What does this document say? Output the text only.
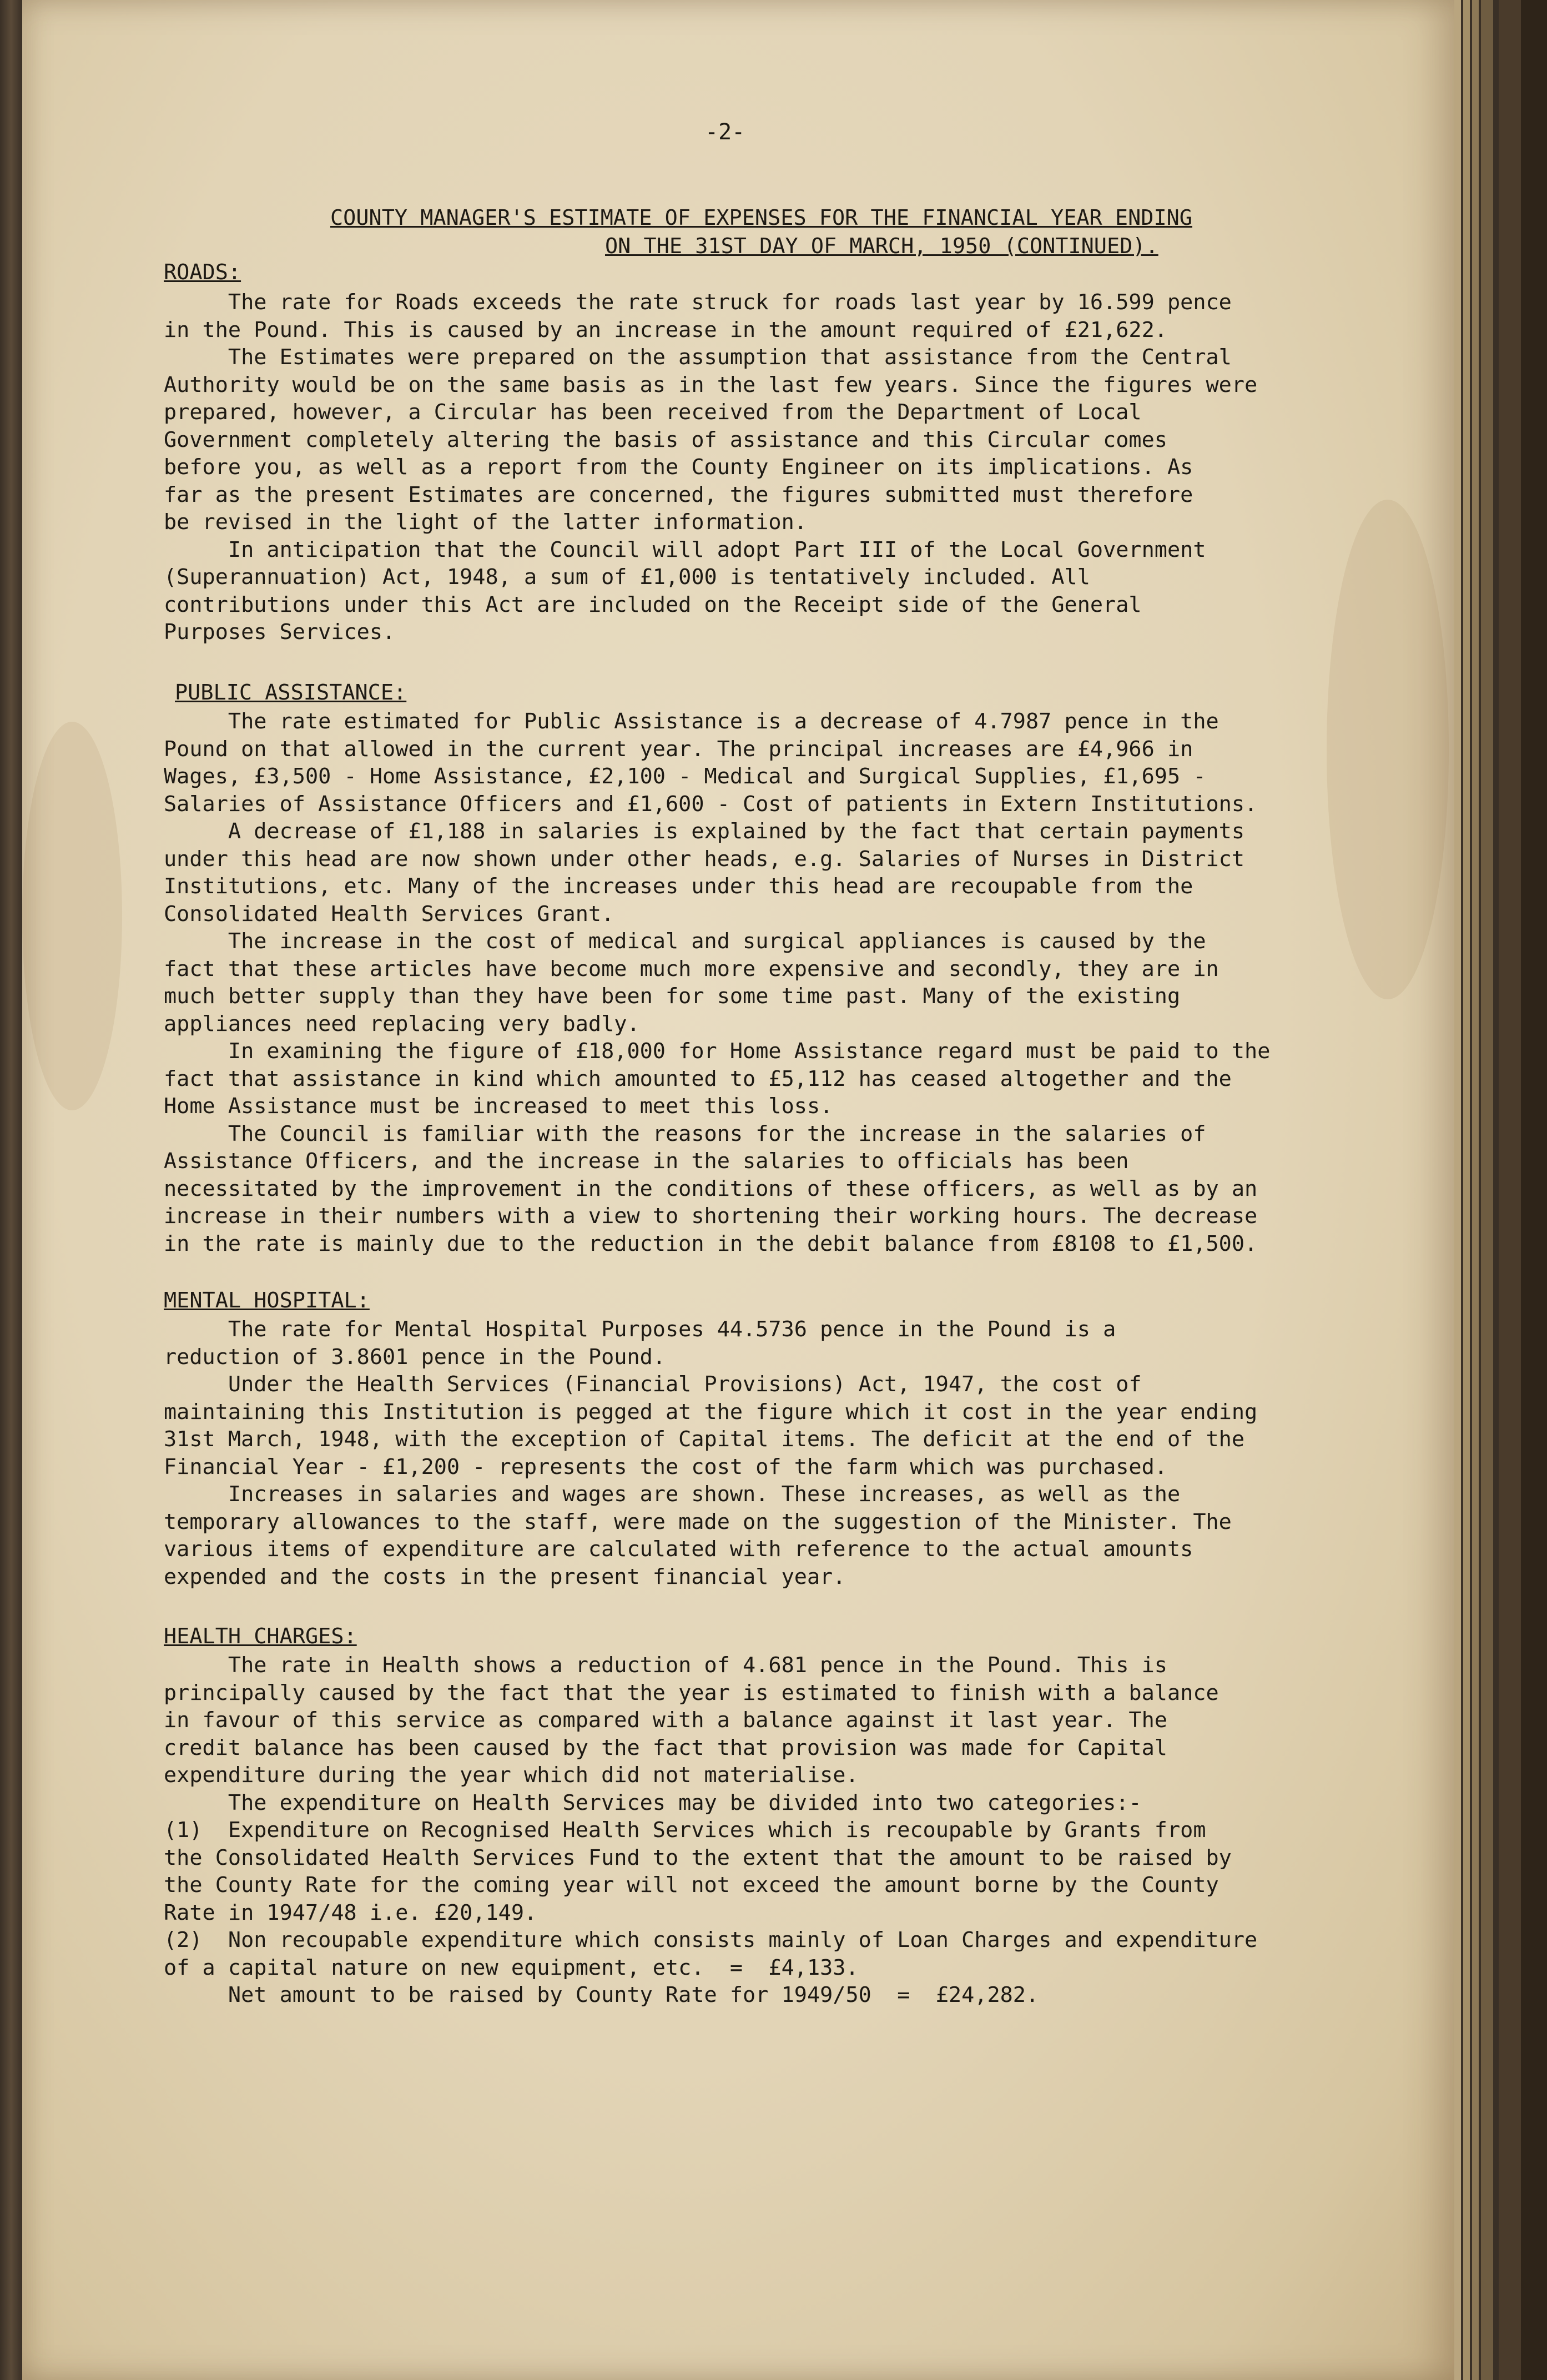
-2-
COUNTY MANAGER'S ESTIMATE OF EXPENSES FOR THE FINANCIAL YEAR ENDING
ON THE 31ST DAY OF MARCH, 1950 (CONTINUED).
ROADS:
The rate for Roads exceeds the rate struck for roads last year by 16.599 pence
in the Pound. This is caused by an increase in the amount required of £21,622.
The Estimates were prepared on the assumption that assistance from the Central
Authority would be on the same basis as in the last few years. Since the figures were
prepared, however, a Circular has been received from the Department of Local
Government completely altering the basis of assistance and this Circular comes
before you, as well as a report from the County Engineer on its implications. As
far as the present Estimates are concerned, the figures submitted must therefore
be revised in the light of the latter information.
In anticipation that the Council will adopt Part III of the Local Government
(Superannuation) Act, 1948, a sum of £1,000 is tentatively included. All
contributions under this Act are included on the Receipt side of the General
Purposes Services.
PUBLIC ASSISTANCE:
The rate estimated for Public Assistance is a decrease of 4.7987 pence in the
Pound on that allowed in the current year. The principal increases are £4,966 in
Wages, £3,500 - Home Assistance, £2,100 - Medical and Surgical Supplies, £1,695 -
Salaries of Assistance Officers and £1,600 - Cost of patients in Extern Institutions.
A decrease of £1,188 in salaries is explained by the fact that certain payments
under this head are now shown under other heads, e.g. Salaries of Nurses in District
Institutions, etc. Many of the increases under this head are recoupable from the
Consolidated Health Services Grant.
The increase in the cost of medical and surgical appliances is caused by the
fact that these articles have become much more expensive and secondly, they are in
much better supply than they have been for some time past. Many of the existing
appliances need replacing very badly.
In examining the figure of £18,000 for Home Assistance regard must be paid to the
fact that assistance in kind which amounted to £5,112 has ceased altogether and the
Home Assistance must be increased to meet this loss.
The Council is familiar with the reasons for the increase in the salaries of
Assistance Officers, and the increase in the salaries to officials has been
necessitated by the improvement in the conditions of these officers, as well as by an
increase in their numbers with a view to shortening their working hours. The decrease
in the rate is mainly due to the reduction in the debit balance from £8108 to £1,500.
MENTAL HOSPITAL:
The rate for Mental Hospital Purposes 44.5736 pence in the Pound is a
reduction of 3.8601 pence in the Pound.
Under the Health Services (Financial Provisions) Act, 1947, the cost of
maintaining this Institution is pegged at the figure which it cost in the year ending
31st March, 1948, with the exception of Capital items. The deficit at the end of the
Financial Year - £1,200 - represents the cost of the farm which was purchased.
Increases in salaries and wages are shown. These increases, as well as the
temporary allowances to the staff, were made on the suggestion of the Minister. The
various items of expenditure are calculated with reference to the actual amounts
expended and the costs in the present financial year.
HEALTH CHARGES:
The rate in Health shows a reduction of 4.681 pence in the Pound. This is
principally caused by the fact that the year is estimated to finish with a balance
in favour of this service as compared with a balance against it last year. The
credit balance has been caused by the fact that provision was made for Capital
expenditure during the year which did not materialise.
The expenditure on Health Services may be divided into two categories:-
(1)  Expenditure on Recognised Health Services which is recoupable by Grants from
the Consolidated Health Services Fund to the extent that the amount to be raised by
the County Rate for the coming year will not exceed the amount borne by the County
Rate in 1947/48 i.e. £20,149.
(2)  Non recoupable expenditure which consists mainly of Loan Charges and expenditure
of a capital nature on new equipment, etc.  =  £4,133.
Net amount to be raised by County Rate for 1949/50  =  £24,282.
